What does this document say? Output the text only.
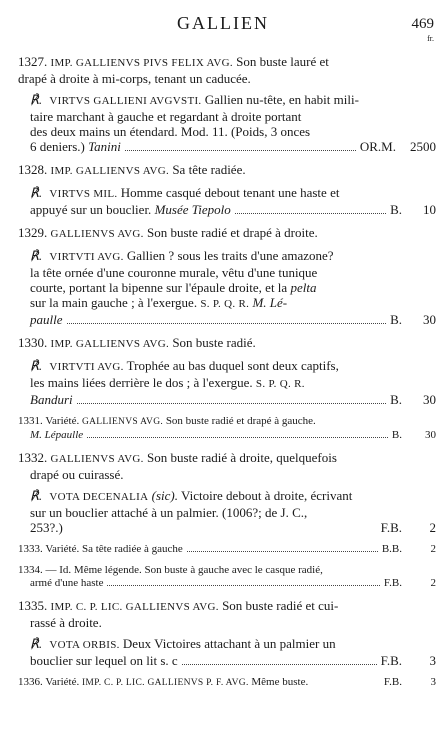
GALLIEN	469
fr.
1327. IMP. GALLIENVS PIVS FELIX AVG. Son buste lauré et
drapé à droite à mi-corps, tenant un caducée.
℟. VIRTVS GALLIENI AVGVSTI. Gallien nu-tête, en habit mili-
taire marchant à gauche et regardant à droite portant
des deux mains un étendard. Mod. 11. (Poids, 3 onces
6 deniers.) Tanini	OR.M.	2500
1328. IMP. GALLIENVS AVG. Sa tête radiée.
℟. VIRTVS MIL. Homme casqué debout tenant une haste et
appuyé sur un bouclier. Musée Tiepolo	B.	10
1329. GALLIENVS AVG. Son buste radié et drapé à droite.
℟. VIRTVTI AVG. Gallien ? sous les traits d'une amazone?
la tête ornée d'une couronne murale, vêtu d'une tunique
courte, portant la bipenne sur l'épaule droite, et la pelta
sur la main gauche ; à l'exergue. S. P. Q. R. M. Lé-
paulle	B.	30
1330. IMP. GALLIENVS AVG. Son buste radié.
℟. VIRTVTI AVG. Trophée au bas duquel sont deux captifs,
les mains liées derrière le dos ; à l'exergue. S. P. Q. R.
Banduri	B.	30
1331. Variété. GALLIENVS AVG. Son buste radié et drapé à gauche.
M. Lépaulle	B.	30
1332. GALLIENVS AVG. Son buste radié à droite, quelquefois
drapé ou cuirassé.
℟. VOTA DECENALIA (sic). Victoire debout à droite, écrivant
sur un bouclier attaché à un palmier. (1006?; de J. C.,
253?.)	F.B.	2
1333. Variété. Sa tête radiée à gauche	B.B.	2
1334. — Id. Même légende. Son buste à gauche avec le casque radié,
armé d'une haste	F.B.	2
1335. IMP. C. P. LIC. GALLIENVS AVG. Son buste radié et cui-
rassé à droite.
℟. VOTA ORBIS. Deux Victoires attachant à un palmier un
bouclier sur lequel on lit s. c	F.B.	3
1336. Variété. IMP. C. P. LIC. GALLIENVS P. F. AVG. Même buste.	F.B.	3
